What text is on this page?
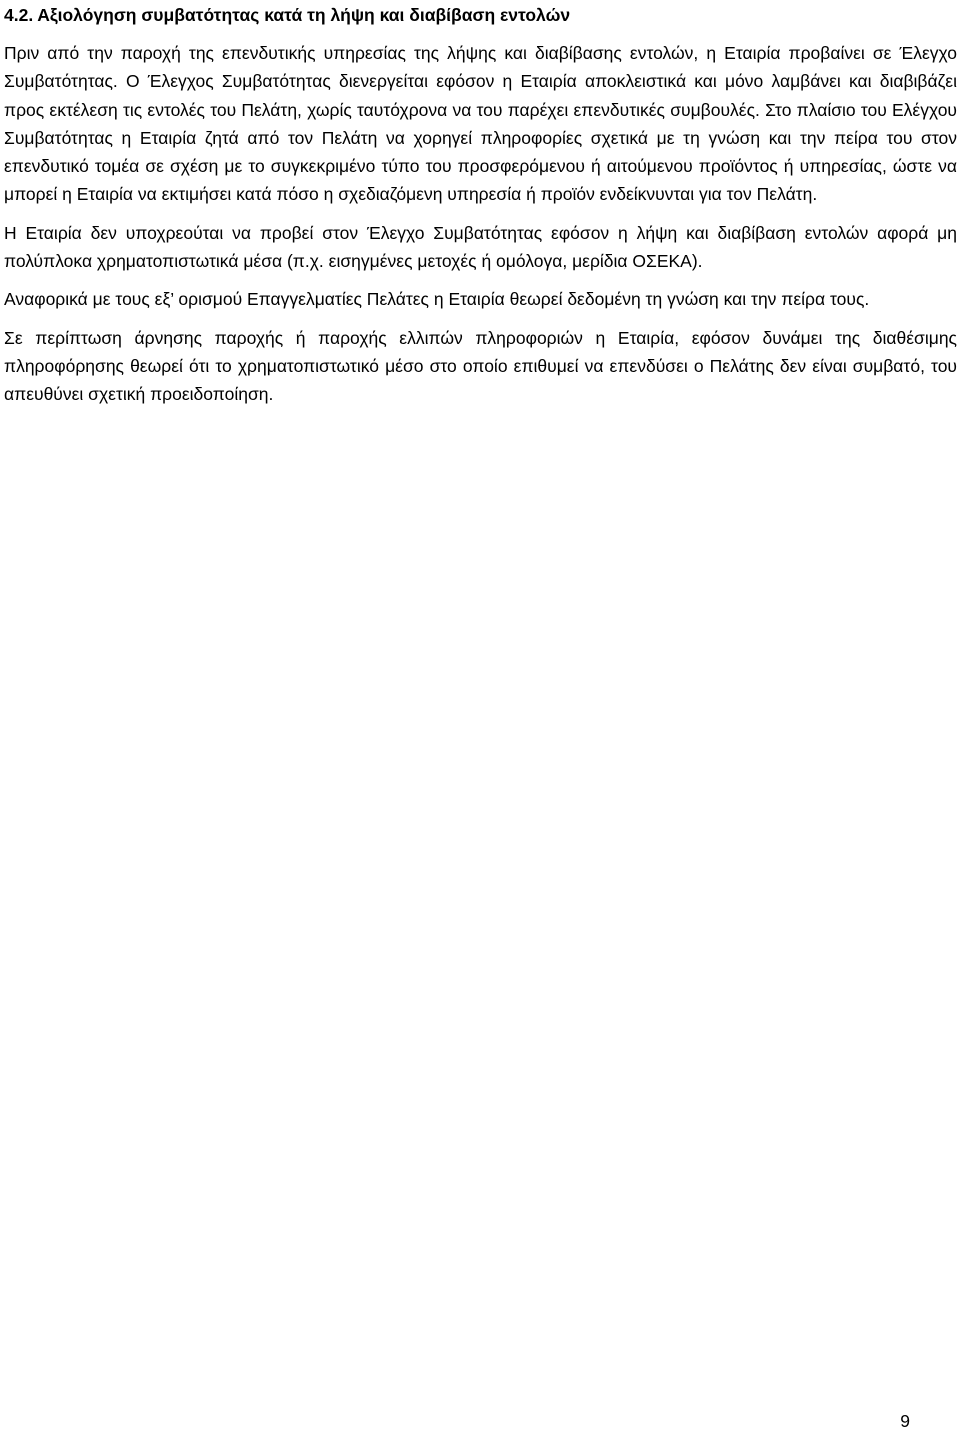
4.2. Αξιολόγηση συμβατότητας κατά τη λήψη και διαβίβαση εντολών

Πριν από την παροχή της επενδυτικής υπηρεσίας της λήψης και διαβίβασης εντολών, η Εταιρία προβαίνει σε Έλεγχο Συμβατότητας. Ο Έλεγχος Συμβατότητας διενεργείται εφόσον η Εταιρία αποκλειστικά και μόνο λαμβάνει και διαβιβάζει προς εκτέλεση τις εντολές του Πελάτη, χωρίς ταυτόχρονα να του παρέχει επενδυτικές συμβουλές. Στο πλαίσιο του Ελέγχου Συμβατότητας η Εταιρία ζητά από τον Πελάτη να χορηγεί πληροφορίες σχετικά με τη γνώση και την πείρα του στον επενδυτικό τομέα σε σχέση με το συγκεκριμένο τύπο του προσφερόμενου ή αιτούμενου προϊόντος ή υπηρεσίας, ώστε να μπορεί η Εταιρία να εκτιμήσει κατά πόσο η σχεδιαζόμενη υπηρεσία ή προϊόν ενδείκνυνται για τον Πελάτη.

Η Εταιρία δεν υποχρεούται να προβεί στον Έλεγχο Συμβατότητας εφόσον η λήψη και διαβίβαση εντολών αφορά μη πολύπλοκα χρηματοπιστωτικά μέσα (π.χ. εισηγμένες μετοχές ή ομόλογα, μερίδια ΟΣΕΚΑ).

Αναφορικά με τους εξ’ ορισμού Επαγγελματίες Πελάτες η Εταιρία θεωρεί δεδομένη τη γνώση και την πείρα τους.

Σε περίπτωση άρνησης παροχής ή παροχής ελλιπών πληροφοριών η Εταιρία, εφόσον δυνάμει της διαθέσιμης πληροφόρησης θεωρεί ότι το χρηματοπιστωτικό μέσο στο οποίο επιθυμεί να επενδύσει ο Πελάτης δεν είναι συμβατό, του απευθύνει σχετική προειδοποίηση.

9
